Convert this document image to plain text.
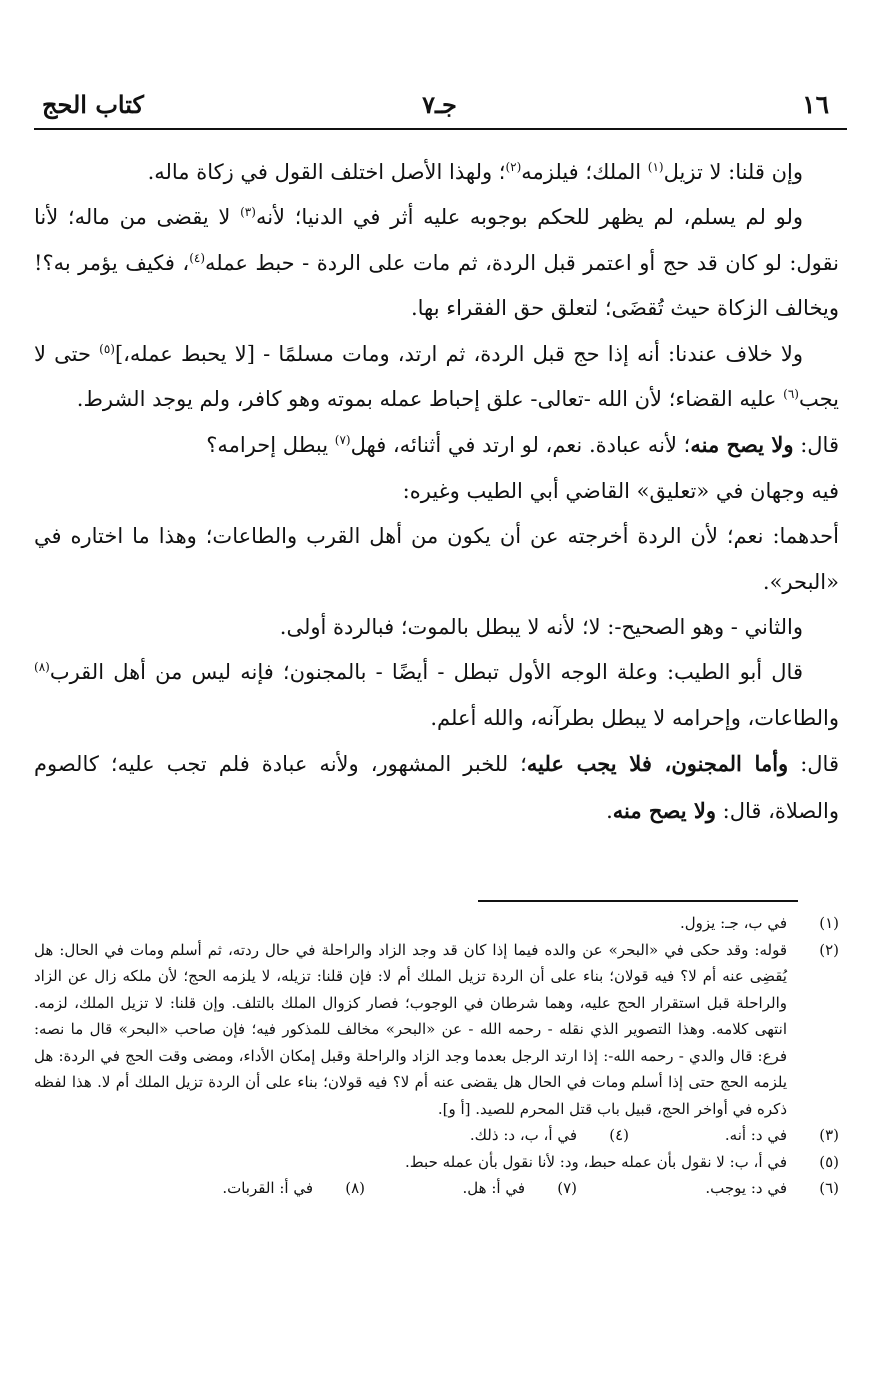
١٦
جـ٧
كتاب الحج

وإن قلنا: لا تزيل$^{(١)}$ الملك؛ فيلزمه$^{(٢)}$؛ ولهذا الأصل اختلف القول في زكاة ماله.

ولو لم يسلم، لم يظهر للحكم بوجوبه عليه أثر في الدنيا؛ لأنه$^{(٣)}$ لا يقضى من ماله؛ لأنا نقول: لو كان قد حج أو اعتمر قبل الردة، ثم مات على الردة - حبط عمله$^{(٤)}$، فكيف يؤمر به؟! ويخالف الزكاة حيث تُقضَى؛ لتعلق حق الفقراء بها.

ولا خلاف عندنا: أنه إذا حج قبل الردة، ثم ارتد، ومات مسلمًا - [لا يحبط عمله،]$^{(٥)}$ حتى لا يجب$^{(٦)}$ عليه القضاء؛ لأن الله -تعالى- علق إحباط عمله بموته وهو كافر، ولم يوجد الشرط.

قال: ولا يصح منه؛ لأنه عبادة. نعم، لو ارتد في أثنائه، فهل$^{(٧)}$ يبطل إحرامه؟

فيه وجهان في «تعليق» القاضي أبي الطيب وغيره:

أحدهما: نعم؛ لأن الردة أخرجته عن أن يكون من أهل القرب والطاعات؛ وهذا ما اختاره في «البحر».

والثاني - وهو الصحيح-: لا؛ لأنه لا يبطل بالموت؛ فبالردة أولى.

قال أبو الطيب: وعلة الوجه الأول تبطل - أيضًا - بالمجنون؛ فإنه ليس من أهل القرب$^{(٨)}$ والطاعات، وإحرامه لا يبطل بطرآنه، والله أعلم.

قال: وأما المجنون، فلا يجب عليه؛ للخبر المشهور، ولأنه عبادة فلم تجب عليه؛ كالصوم والصلاة، قال: ولا يصح منه.

(١)
في ب، جـ: يزول.
(٢)
قوله: وقد حكى في «البحر» عن والده فيما إذا كان قد وجد الزاد والراحلة في حال ردته، ثم أسلم ومات في الحال: هل يُقضِى عنه أم لا؟ فيه قولان؛ بناء على أن الردة تزيل الملك أم لا: فإن قلنا: تزيله، لا يلزمه الحج؛ لأن ملكه زال عن الزاد والراحلة قبل استقرار الحج عليه، وهما شرطان في الوجوب؛ فصار كزوال الملك بالتلف. وإن قلنا: لا تزيل الملك، لزمه. انتهى كلامه. وهذا التصوير الذي نقله - رحمه الله - عن «البحر» مخالف للمذكور فيه؛ فإن صاحب «البحر» قال ما نصه: فرع: قال والدي - رحمه الله-: إذا ارتد الرجل بعدما وجد الزاد والراحلة وقبل إمكان الأداء، ومضى وقت الحج في الردة: هل يلزمه الحج حتى إذا أسلم ومات في الحال هل يقضى عنه أم لا؟ فيه قولان؛ بناء على أن الردة تزيل الملك أم لا. هذا لفظه ذكره في أواخر الحج، قبيل باب قتل المحرم للصيد. [أ و].
(٣)
في د: أنه.
(٤)
في أ، ب، د: ذلك.
(٥)
في أ، ب: لا نقول بأن عمله حبط، ود: لأنا نقول بأن عمله حبط.
(٦)
في د: يوجب.
(٧)
في أ: هل.
(٨)
في أ: القربات.
